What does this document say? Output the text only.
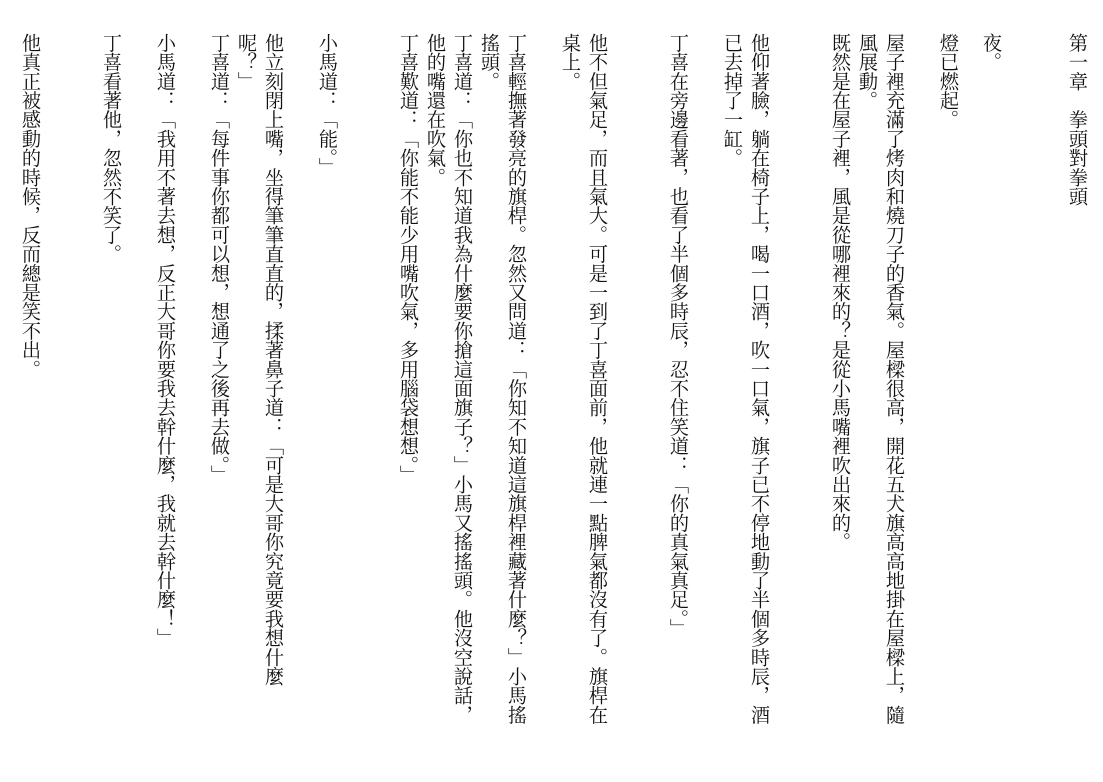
第一章　拳頭對拳頭
夜。
燈已燃起。
屋子裡充滿了烤肉和燒刀子的香氣。屋樑很高，開花五犬旗高高地掛在屋樑上，隨風展動。
既然是在屋子裡，風是從哪裡來的？是從小馬嘴裡吹出來的。
他仰著臉，躺在椅子上，喝一口酒，吹一口氣，旗子已不停地動了半個多時辰，酒已去掉了一缸。
丁喜在旁邊看著，也看了半個多時辰，忍不住笑道：「你的真氣真足。」
他不但氣足，而且氣大。可是一到了丁喜面前，他就連一點脾氣都沒有了。旗桿在桌上。
丁喜輕撫著發亮的旗桿。忽然又問道：「你知不知道這旗桿裡藏著什麼？」小馬搖搖頭。
丁喜道：「你也不知道我為什麼要你搶這面旗子？」小馬又搖搖頭。他沒空說話，他的嘴還在吹氣。
丁喜歎道：「你能不能少用嘴吹氣，多用腦袋想想。」
小馬道：「能。」
他立刻閉上嘴，坐得筆筆直直的，揉著鼻子道：「可是大哥你究竟要我想什麼呢？」
丁喜道：「每件事你都可以想，想通了之後再去做。」
小馬道：「我用不著去想，反正大哥你要我去幹什麼，我就去幹什麼！」
丁喜看著他，忽然不笑了。
他真正被感動的時候，反而總是笑不出。
